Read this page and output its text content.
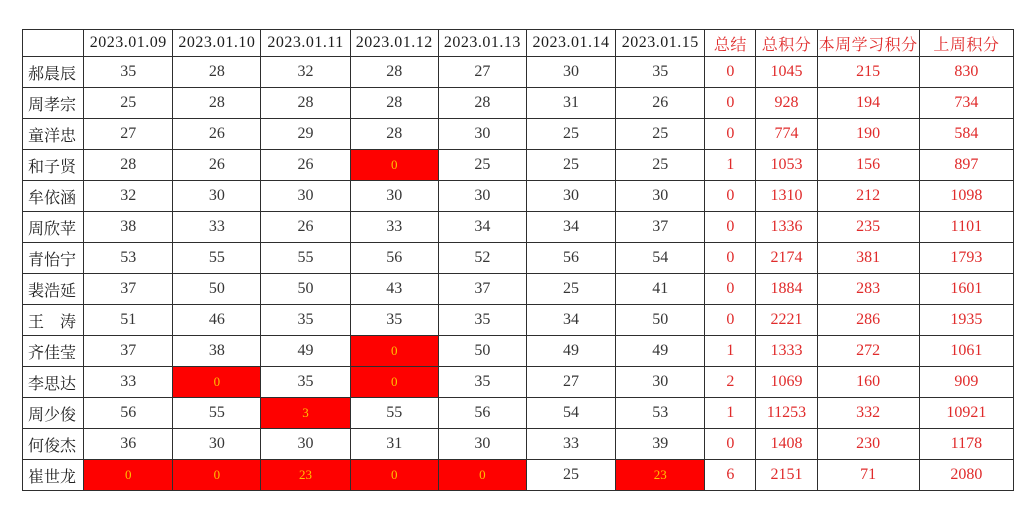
	2023.01.09	2023.01.10	2023.01.11	2023.01.12	2023.01.13	2023.01.14	2023.01.15	总结	总积分	本周学习积分	上周积分
郝晨辰	35	28	32	28	27	30	35	0	1045	215	830
周孝宗	25	28	28	28	28	31	26	0	928	194	734
童洋忠	27	26	29	28	30	25	25	0	774	190	584
和子贤	28	26	26	0	25	25	25	1	1053	156	897
牟依涵	32	30	30	30	30	30	30	0	1310	212	1098
周欣苹	38	33	26	33	34	34	37	0	1336	235	1101
青怡宁	53	55	55	56	52	56	54	0	2174	381	1793
裴浩延	37	50	50	43	37	25	41	0	1884	283	1601
王　涛	51	46	35	35	35	34	50	0	2221	286	1935
齐佳莹	37	38	49	0	50	49	49	1	1333	272	1061
李思达	33	0	35	0	35	27	30	2	1069	160	909
周少俊	56	55	3	55	56	54	53	1	11253	332	10921
何俊杰	36	30	30	31	30	33	39	0	1408	230	1178
崔世龙	0	0	23	0	0	25	23	6	2151	71	2080
